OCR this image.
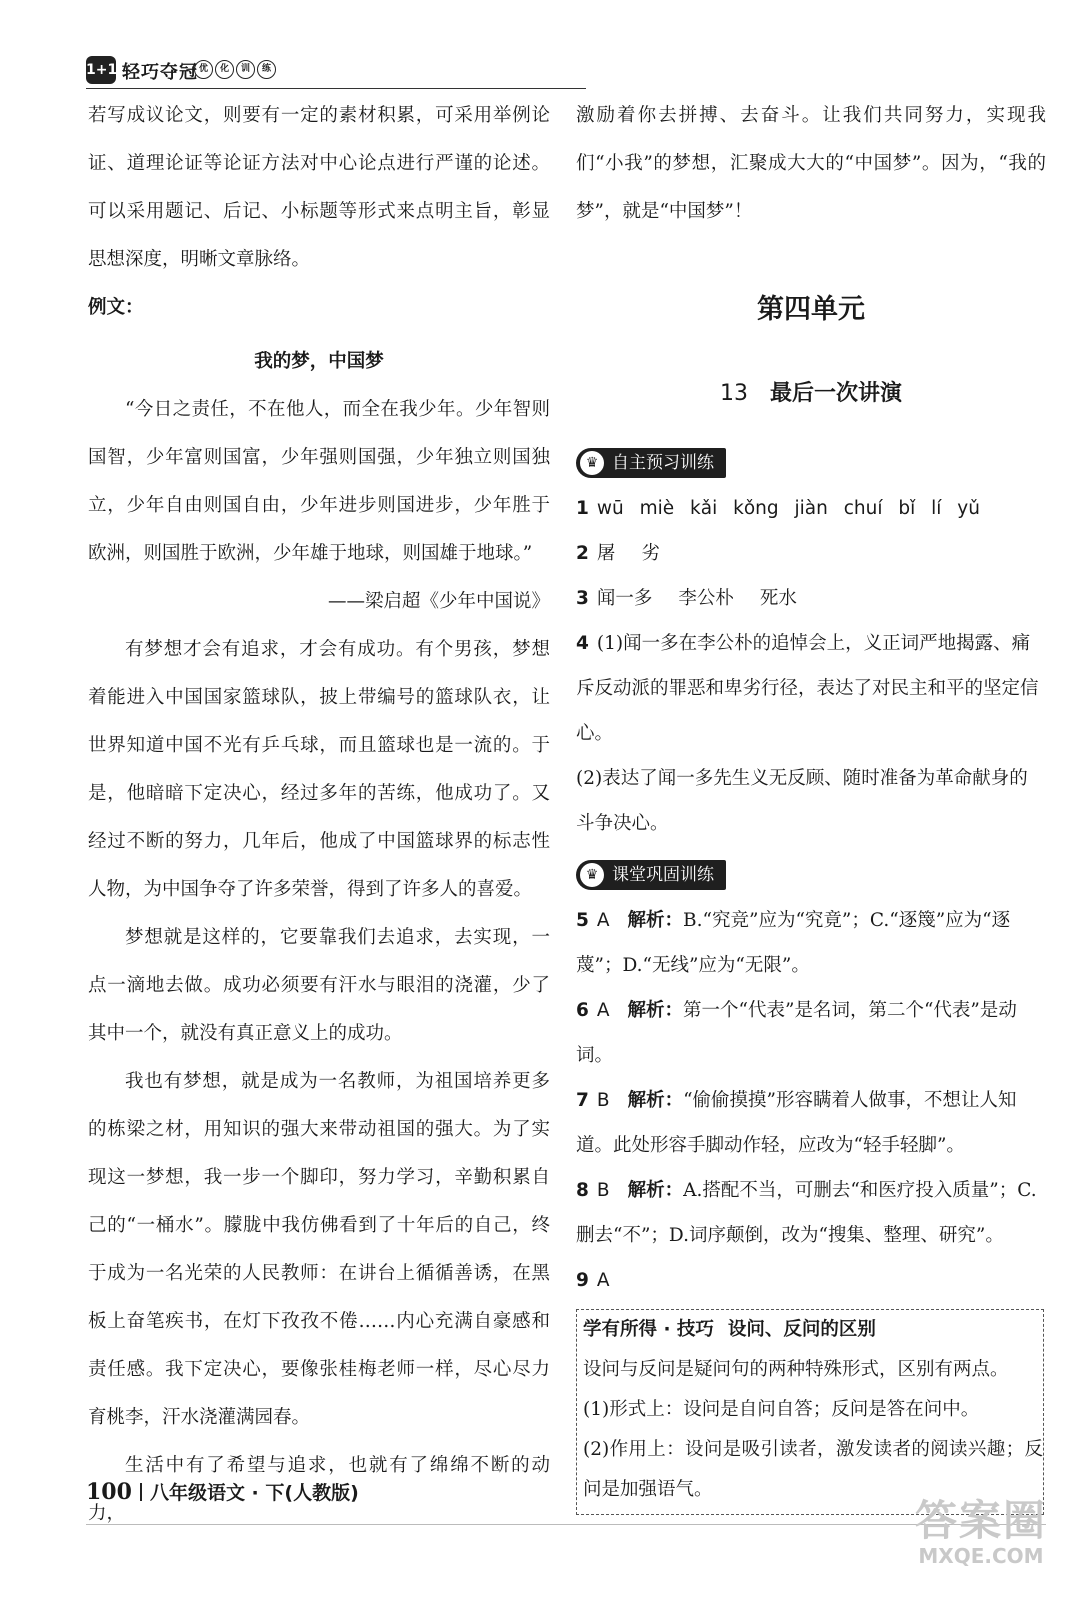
1+1 轻巧夺冠 优	化	训	练

若写成议论文，则要有一定的素材积累，可采用举例论证、道理论证等论证方法对中心论点进行严谨的论述。可以采用题记、后记、小标题等形式来点明主旨，彰显思想深度，明晰文章脉络。

例文：

我的梦，中国梦

“今日之责任，不在他人，而全在我少年。少年智则国智，少年富则国富，少年强则国强，少年独立则国独立，少年自由则国自由，少年进步则国进步，少年胜于欧洲，则国胜于欧洲，少年雄于地球，则国雄于地球。”

——梁启超《少年中国说》

有梦想才会有追求，才会有成功。有个男孩，梦想着能进入中国国家篮球队，披上带编号的篮球队衣，让世界知道中国不光有乒乓球，而且篮球也是一流的。于是，他暗暗下定决心，经过多年的苦练，他成功了。又经过不断的努力，几年后，他成了中国篮球界的标志性人物，为中国争夺了许多荣誉，得到了许多人的喜爱。

梦想就是这样的，它要靠我们去追求，去实现，一点一滴地去做。成功必须要有汗水与眼泪的浇灌，少了其中一个，就没有真正意义上的成功。

我也有梦想，就是成为一名教师，为祖国培养更多的栋梁之材，用知识的强大来带动祖国的强大。为了实现这一梦想，我一步一个脚印，努力学习，辛勤积累自己的“一桶水”。朦胧中我仿佛看到了十年后的自己，终于成为一名光荣的人民教师：在讲台上循循善诱，在黑板上奋笔疾书，在灯下孜孜不倦……内心充满自豪感和责任感。我下定决心，要像张桂梅老师一样，尽心尽力育桃李，汗水浇灌满园春。

生活中有了希望与追求，也就有了绵绵不断的动力，

激励着你去拼搏、去奋斗。让我们共同努力，实现我们“小我”的梦想，汇聚成大大的“中国梦”。因为，“我的梦”，就是“中国梦”！

第四单元
13 最后一次讲演
♛ 自主预习训练

1 wū miè kǎi kǒng jiàn chuí bǐ lí yǔ

2 屠 劣

3 闻一多 李公朴 死水

4 (1)闻一多在李公朴的追悼会上，义正词严地揭露、痛斥反动派的罪恶和卑劣行径，表达了对民主和平的坚定信心。

(2)表达了闻一多先生义无反顾、随时准备为革命献身的斗争决心。

♛ 课堂巩固训练

5 A 解析：B.“究竞”应为“究竟”；C.“逐篾”应为“逐蔑”；D.“无线”应为“无限”。

6 A 解析：第一个“代表”是名词，第二个“代表”是动词。

7 B 解析：“偷偷摸摸”形容瞒着人做事，不想让人知道。此处形容手脚动作轻，应改为“轻手轻脚”。

8 B 解析：A.搭配不当，可删去“和医疗投入质量”；C.删去“不”；D.词序颠倒，改为“搜集、整理、研究”。

9 A

学有所得 · 技巧 设问、反问的区别

设问与反问是疑问句的两种特殊形式，区别有两点。

(1)形式上：设问是自问自答；反问是答在问中。

(2)作用上：设问是吸引读者，激发读者的阅读兴趣；反问是加强语气。

100 八年级语文 · 下(人教版)
答案圈
MXQE.COM
